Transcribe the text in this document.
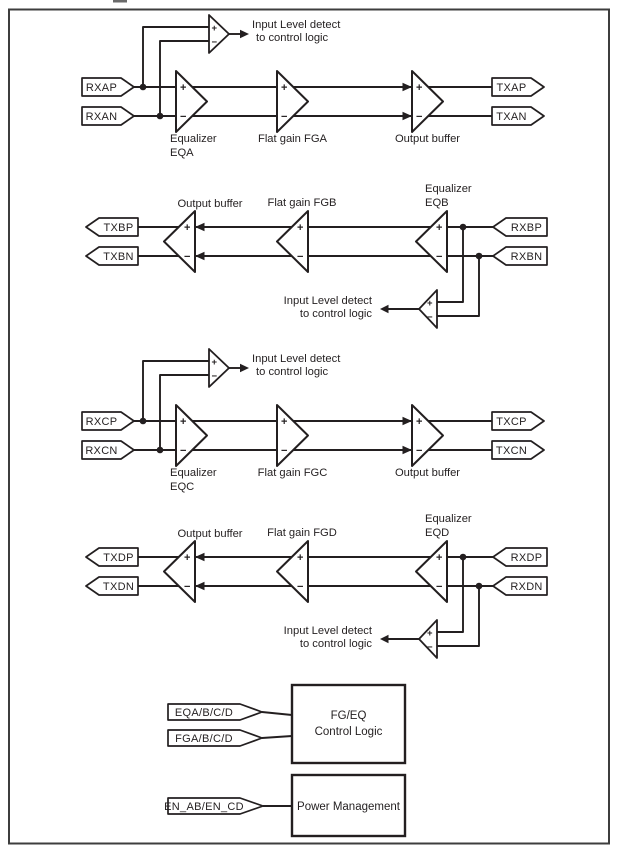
+
−
Input Level detect
to control logic
RXAP
RXAN
+
−
+
−
+
−
TXAP
TXAN
Equalizer
EQA
Flat gain FGA	Output buffer
TXBP
TXBN
+
−
+
−
+
−
RXBP
RXBN
+
−
Input Level detect
to control logic
Output buffer Flat gain FGB
Equalizer
EQB
+
−
Input Level detect
to control logic
RXCP
RXCN
+
−
+
−
+
−
TXCP
TXCN
Equalizer
EQC
Flat gain FGC	Output buffer
TXDP
TXDN
+
−
+
−
+
−
RXDP
RXDN
+
−
Input Level detect
to control logic
Output buffer Flat gain FGD
Equalizer
EQD
EQA/B/C/D
FGA/B/C/D
FG/EQ
Control Logic
EN_AB/EN_CD	Power Management
